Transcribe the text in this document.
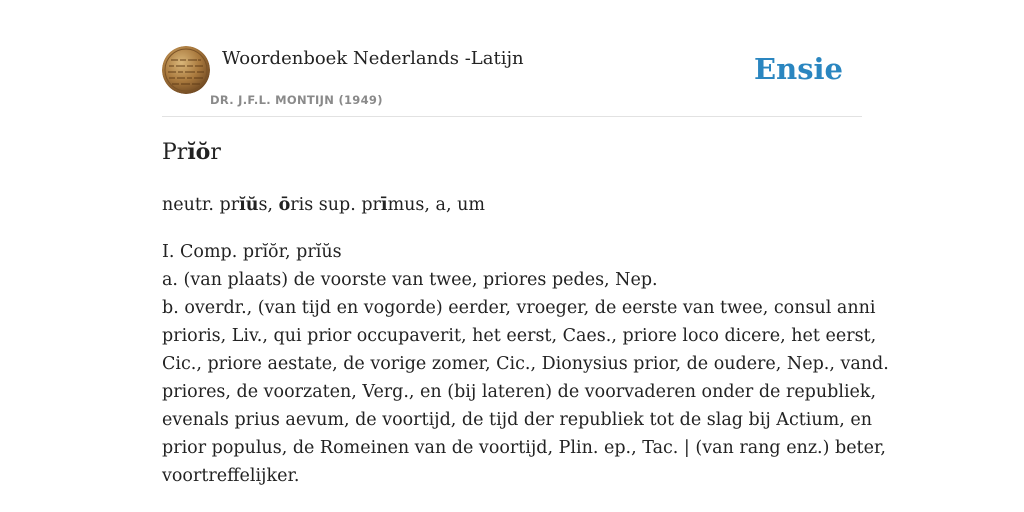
Woordenboek Nederlands -Latijn
DR. J.F.L. MONTIJN (1949)
Ensie
Prĭŏr
neutr. prĭŭs, ōris sup. prīmus, a, um
I. Comp. prĭŏr, prĭŭs
a. (van plaats) de voorste van twee, priores pedes, Nep.
b. overdr., (van tijd en vogorde) eerder, vroeger, de eerste van twee, consul anni
prioris, Liv., qui prior occupaverit, het eerst, Caes., priore loco dicere, het eerst,
Cic., priore aestate, de vorige zomer, Cic., Dionysius prior, de oudere, Nep., vand.
priores, de voorzaten, Verg., en (bij lateren) de voorvaderen onder de republiek,
evenals prius aevum, de voortijd, de tijd der republiek tot de slag bij Actium, en
prior populus, de Romeinen van de voortijd, Plin. ep., Tac. | (van rang enz.) beter,
voortreffelijker.
